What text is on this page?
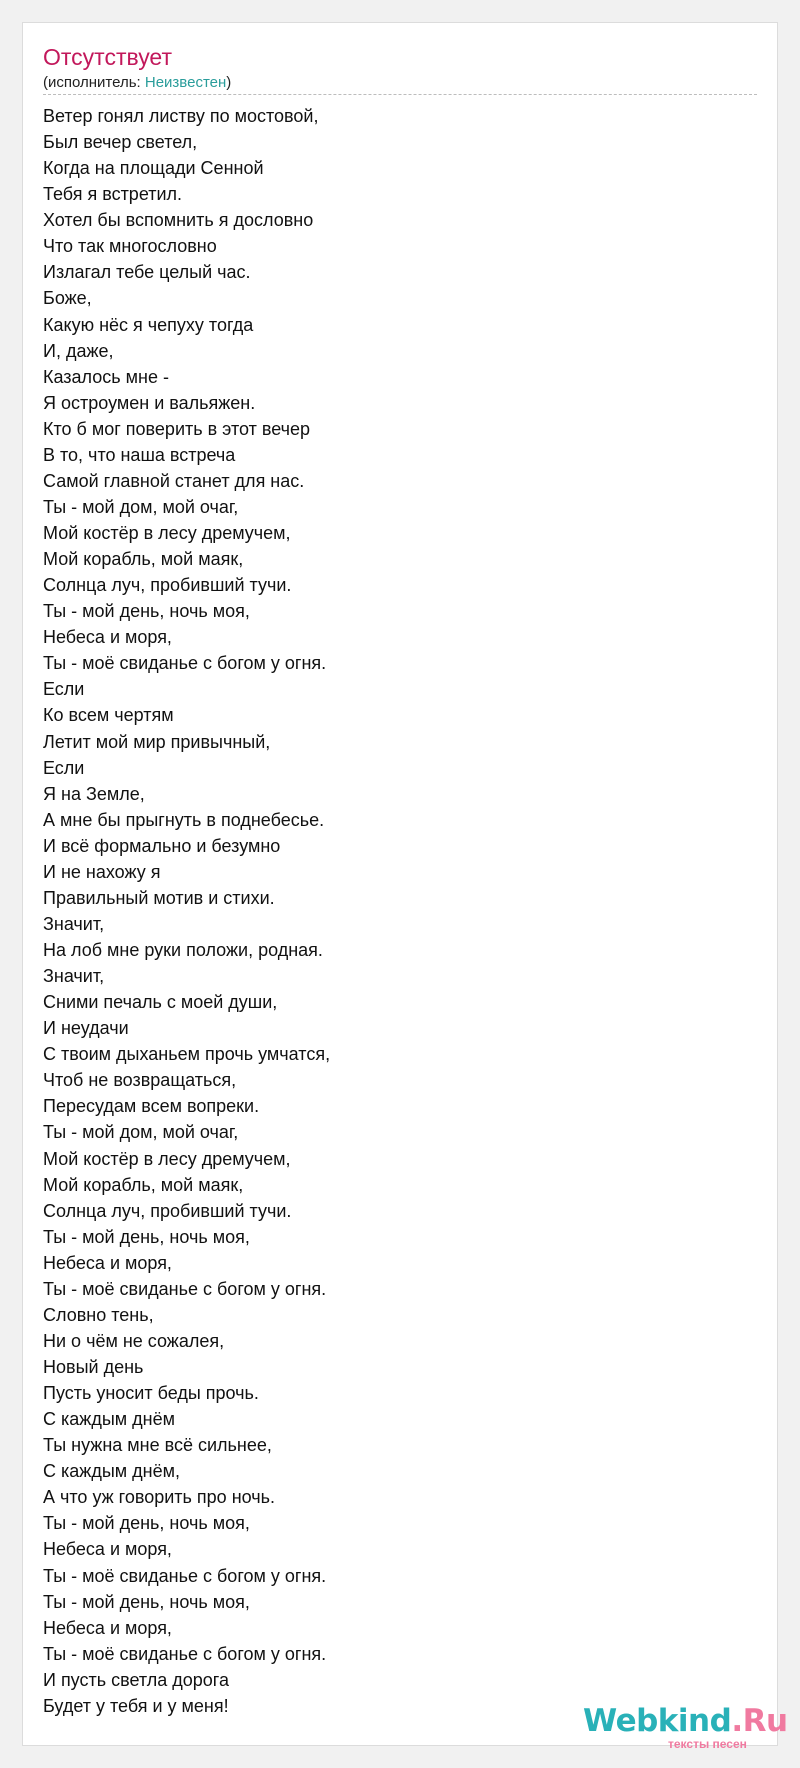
Отсутствует
(исполнитель: Неизвестен)
Ветер гонял листву по мостовой,
Был вечер светел,
Когда на площади Сенной
Тебя я встретил.
Хотел бы вспомнить я дословно
Что так многословно
Излагал тебе целый час.
Боже,
Какую нёс я чепуху тогда
И, даже,
Казалось мне -
Я остроумен и вальяжен.
Кто б мог поверить в этот вечер
В то, что наша встреча
Самой главной станет для нас.
Ты - мой дом, мой очаг,
Мой костёр в лесу дремучем,
Мой корабль, мой маяк,
Солнца луч, пробивший тучи.
Ты - мой день, ночь моя,
Небеса и моря,
Ты - моё свиданье с богом у огня.
Если
Ко всем чертям
Летит мой мир привычный,
Если
Я на Земле,
А мне бы прыгнуть в поднебесье.
И всё формально и безумно
И не нахожу я
Правильный мотив и стихи.
Значит,
На лоб мне руки положи, родная.
Значит,
Сними печаль с моей души,
И неудачи
С твоим дыханьем прочь умчатся,
Чтоб не возвращаться,
Пересудам всем вопреки.
Ты - мой дом, мой очаг,
Мой костёр в лесу дремучем,
Мой корабль, мой маяк,
Солнца луч, пробивший тучи.
Ты - мой день, ночь моя,
Небеса и моря,
Ты - моё свиданье с богом у огня.
Словно тень,
Ни о чём не сожалея,
Новый день
Пусть уносит беды прочь.
С каждым днём
Ты нужна мне всё сильнее,
С каждым днём,
А что уж говорить про ночь.
Ты - мой день, ночь моя,
Небеса и моря,
Ты - моё свиданье с богом у огня.
Ты - мой день, ночь моя,
Небеса и моря,
Ты - моё свиданье с богом у огня.
И пусть светла дорога
Будет у тебя и у меня!	Webkind.Ru
тексты песен
